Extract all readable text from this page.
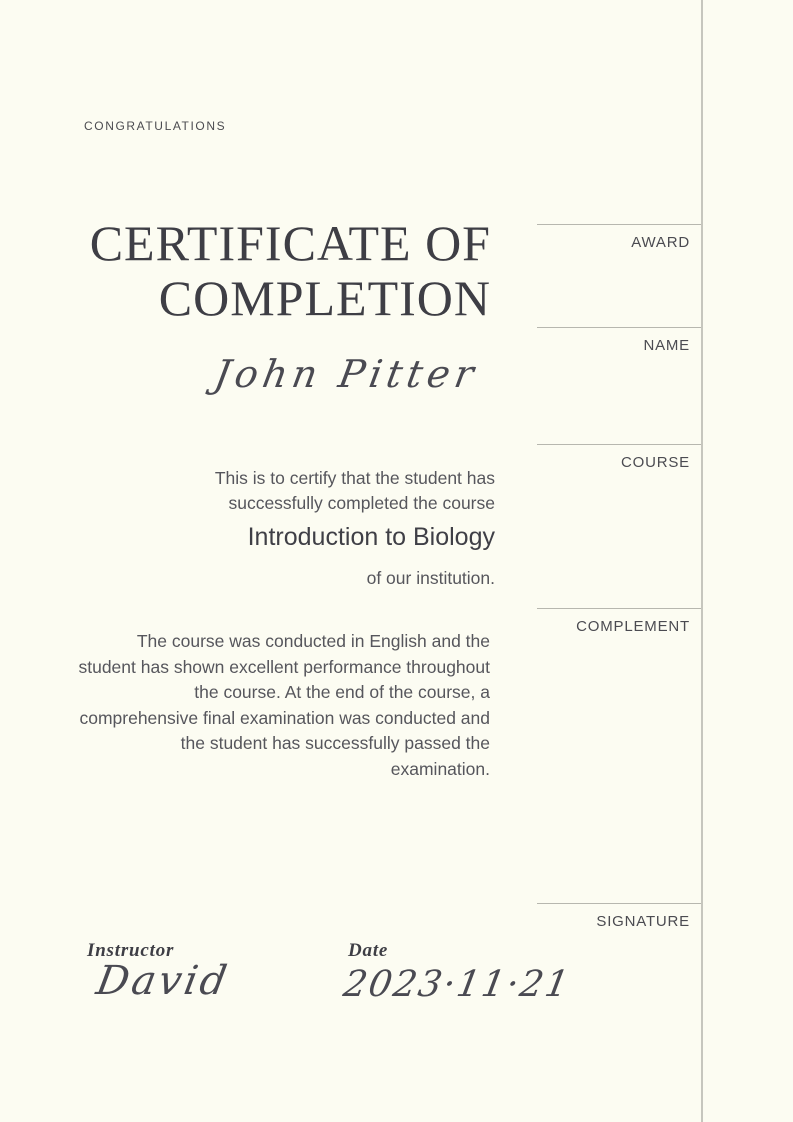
CONGRATULATIONS
CERTIFICATE OF
COMPLETION
John Pitter
This is to certify that the student has successfully completed the course
Introduction to Biology
of our institution.
The course was conducted in English and the student has shown excellent performance throughout the course. At the end of the course, a comprehensive final examination was conducted and the student has successfully passed the examination.
AWARD
NAME
COURSE
COMPLEMENT
SIGNATURE
Instructor
David
Date
2023·11·21
